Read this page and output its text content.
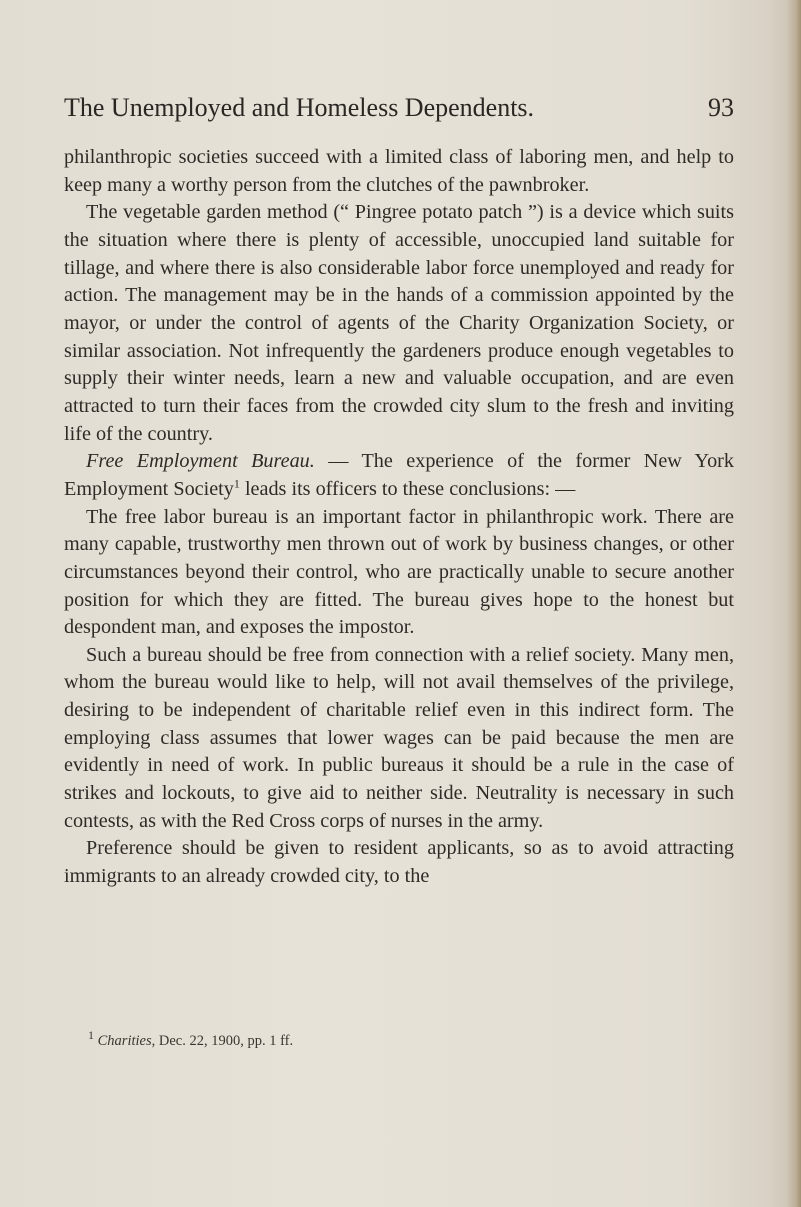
The Unemployed and Homeless Dependents.	93

philanthropic societies succeed with a limited class of laboring men, and help to keep many a worthy person from the clutches of the pawnbroker.

The vegetable garden method (“ Pingree potato patch ”) is a device which suits the situation where there is plenty of accessible, unoccupied land suitable for tillage, and where there is also considerable labor force unemployed and ready for action. The management may be in the hands of a commission appointed by the mayor, or under the control of agents of the Charity Organization Society, or similar association. Not infrequently the gardeners produce enough vegetables to supply their winter needs, learn a new and valuable occupation, and are even attracted to turn their faces from the crowded city slum to the fresh and inviting life of the country.

Free Employment Bureau. — The experience of the former New York Employment Society$^1$ leads its officers to these conclusions: —

The free labor bureau is an important factor in philanthropic work. There are many capable, trustworthy men thrown out of work by business changes, or other circumstances beyond their control, who are practically unable to secure another position for which they are fitted. The bureau gives hope to the honest but despondent man, and exposes the impostor.

Such a bureau should be free from connection with a relief society. Many men, whom the bureau would like to help, will not avail themselves of the privilege, desiring to be independent of charitable relief even in this indirect form. The employing class assumes that lower wages can be paid because the men are evidently in need of work. In public bureaus it should be a rule in the case of strikes and lockouts, to give aid to neither side. Neutrality is necessary in such contests, as with the Red Cross corps of nurses in the army.

Preference should be given to resident applicants, so as to avoid attracting immigrants to an already crowded city, to the

$^1$ Charities, Dec. 22, 1900, pp. 1 ff.
